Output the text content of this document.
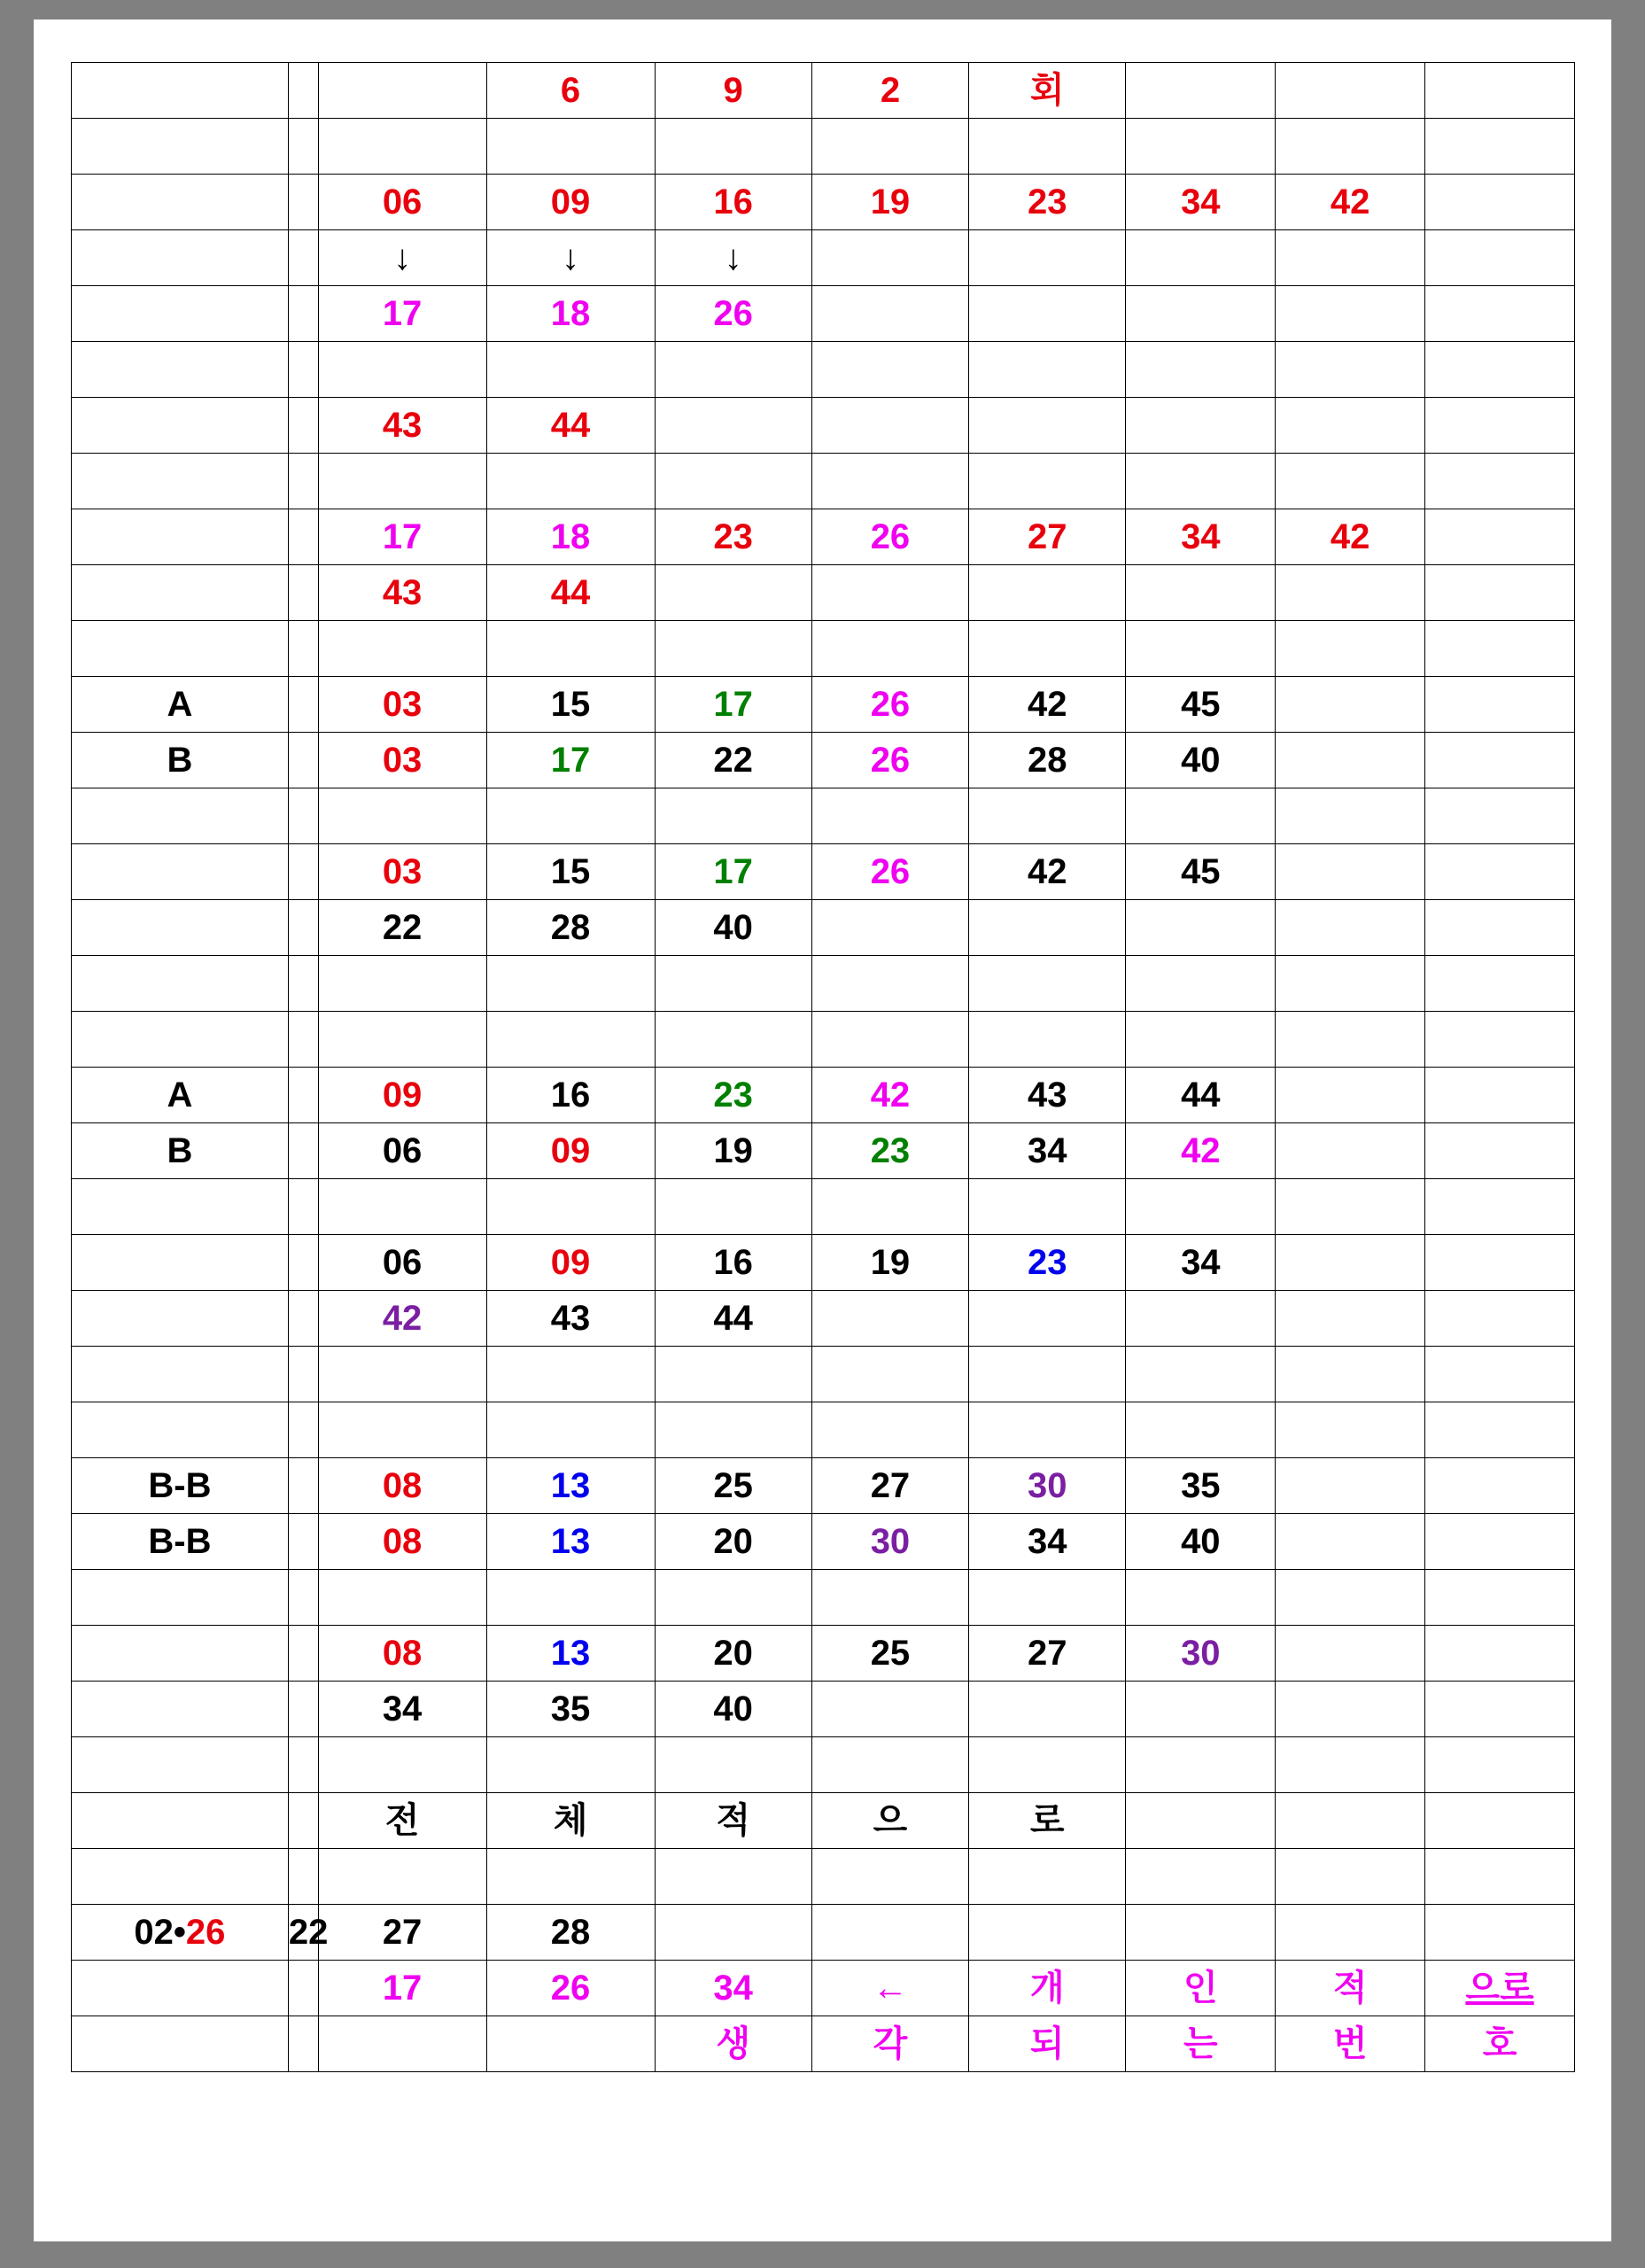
			6	9	2	회			

		06	09	16	19	23	34	42	
		↓	↓	↓					
		17	18	26					

		43	44						

		17	18	23	26	27	34	42	
		43	44						

A		03	15	17	26	42	45		
B		03	17	22	26	28	40		

		03	15	17	26	42	45		
		22	28	40					

A		09	16	23	42	43	44		
B		06	09	19	23	34	42		

		06	09	16	19	23	34		
		42	43	44					

B-B		08	13	25	27	30	35		
B-B		08	13	20	30	34	40		

		08	13	20	25	27	30		
		34	35	40					

		전	체	적	으	로			

02•26	22	27	28						
		17	26	34	←	개	인	적	으로
				생	각	되	는	번	호
